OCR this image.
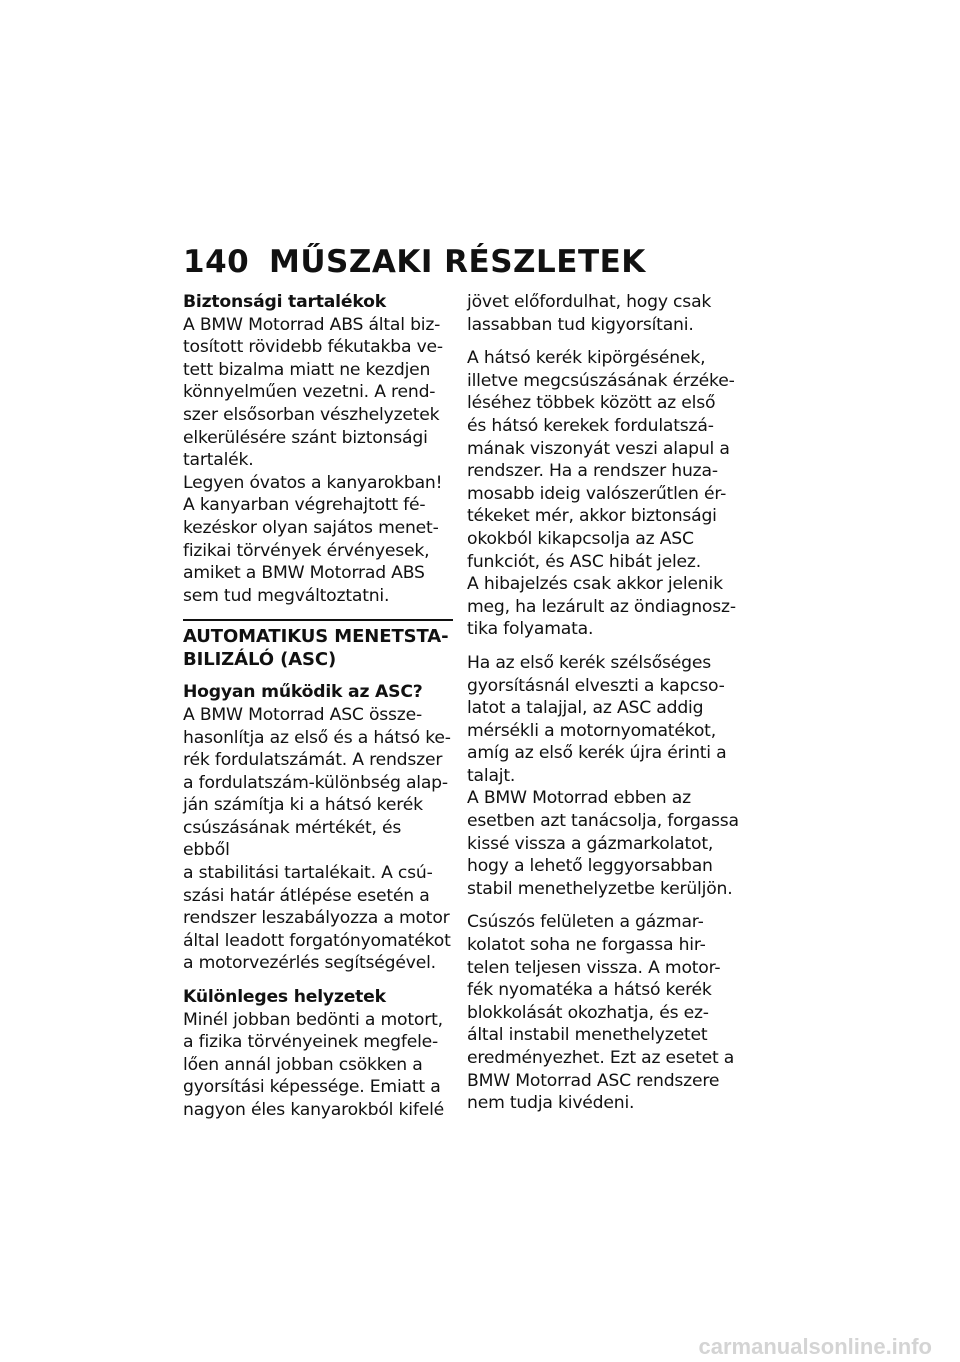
140 MŰSZAKI RÉSZLETEK

Biztonsági tartalékok

A BMW Motorrad ABS által biz-
tosított rövidebb fékutakba ve-
tett bizalma miatt ne kezdjen
könnyelműen vezetni. A rend-
szer elsősorban vészhelyzetek
elkerülésére szánt biztonsági
tartalék.

Legyen óvatos a kanyarokban!
A kanyarban végrehajtott fé-
kezéskor olyan sajátos menet-
fizikai törvények érvényesek,
amiket a BMW Motorrad ABS
sem tud megváltoztatni.

AUTOMATIKUS MENETSTA-
BILIZÁLÓ (ASC)

Hogyan működik az ASC?

A BMW Motorrad ASC össze-
hasonlítja az első és a hátsó ke-
rék fordulatszámát. A rendszer
a fordulatszám-különbség alap-
ján számítja ki a hátsó kerék
csúszásának mértékét, és ebből
a stabilitási tartalékait. A csú-
szási határ átlépése esetén a
rendszer leszabályozza a motor
által leadott forgatónyomatékot
a motorvezérlés segítségével.

Különleges helyzetek

Minél jobban bedönti a motort,
a fizika törvényeinek megfele-
lően annál jobban csökken a
gyorsítási képessége. Emiatt a
nagyon éles kanyarokból kifelé

jövet előfordulhat, hogy csak
lassabban tud kigyorsítani.

A hátsó kerék kipörgésének,
illetve megcsúszásának érzéke-
léséhez többek között az első
és hátsó kerekek fordulatszá-
mának viszonyát veszi alapul a
rendszer. Ha a rendszer huza-
mosabb ideig valószerűtlen ér-
tékeket mér, akkor biztonsági
okokból kikapcsolja az ASC
funkciót, és ASC hibát jelez.

A hibajelzés csak akkor jelenik
meg, ha lezárult az öndiagnosz-
tika folyamata.

Ha az első kerék szélsőséges
gyorsításnál elveszti a kapcso-
latot a talajjal, az ASC addig
mérsékli a motornyomatékot,
amíg az első kerék újra érinti a
talajt.

A BMW Motorrad ebben az
esetben azt tanácsolja, forgassa
kissé vissza a gázmarkolatot,
hogy a lehető leggyorsabban
stabil menethelyzetbe kerüljön.

Csúszós felületen a gázmar-
kolatot soha ne forgassa hir-
telen teljesen vissza. A motor-
fék nyomatéka a hátsó kerék
blokkolását okozhatja, és ez-
által instabil menethelyzetet
eredményezhet. Ezt az esetet a
BMW Motorrad ASC rendszere
nem tudja kivédeni.

carmanualsonline.info
